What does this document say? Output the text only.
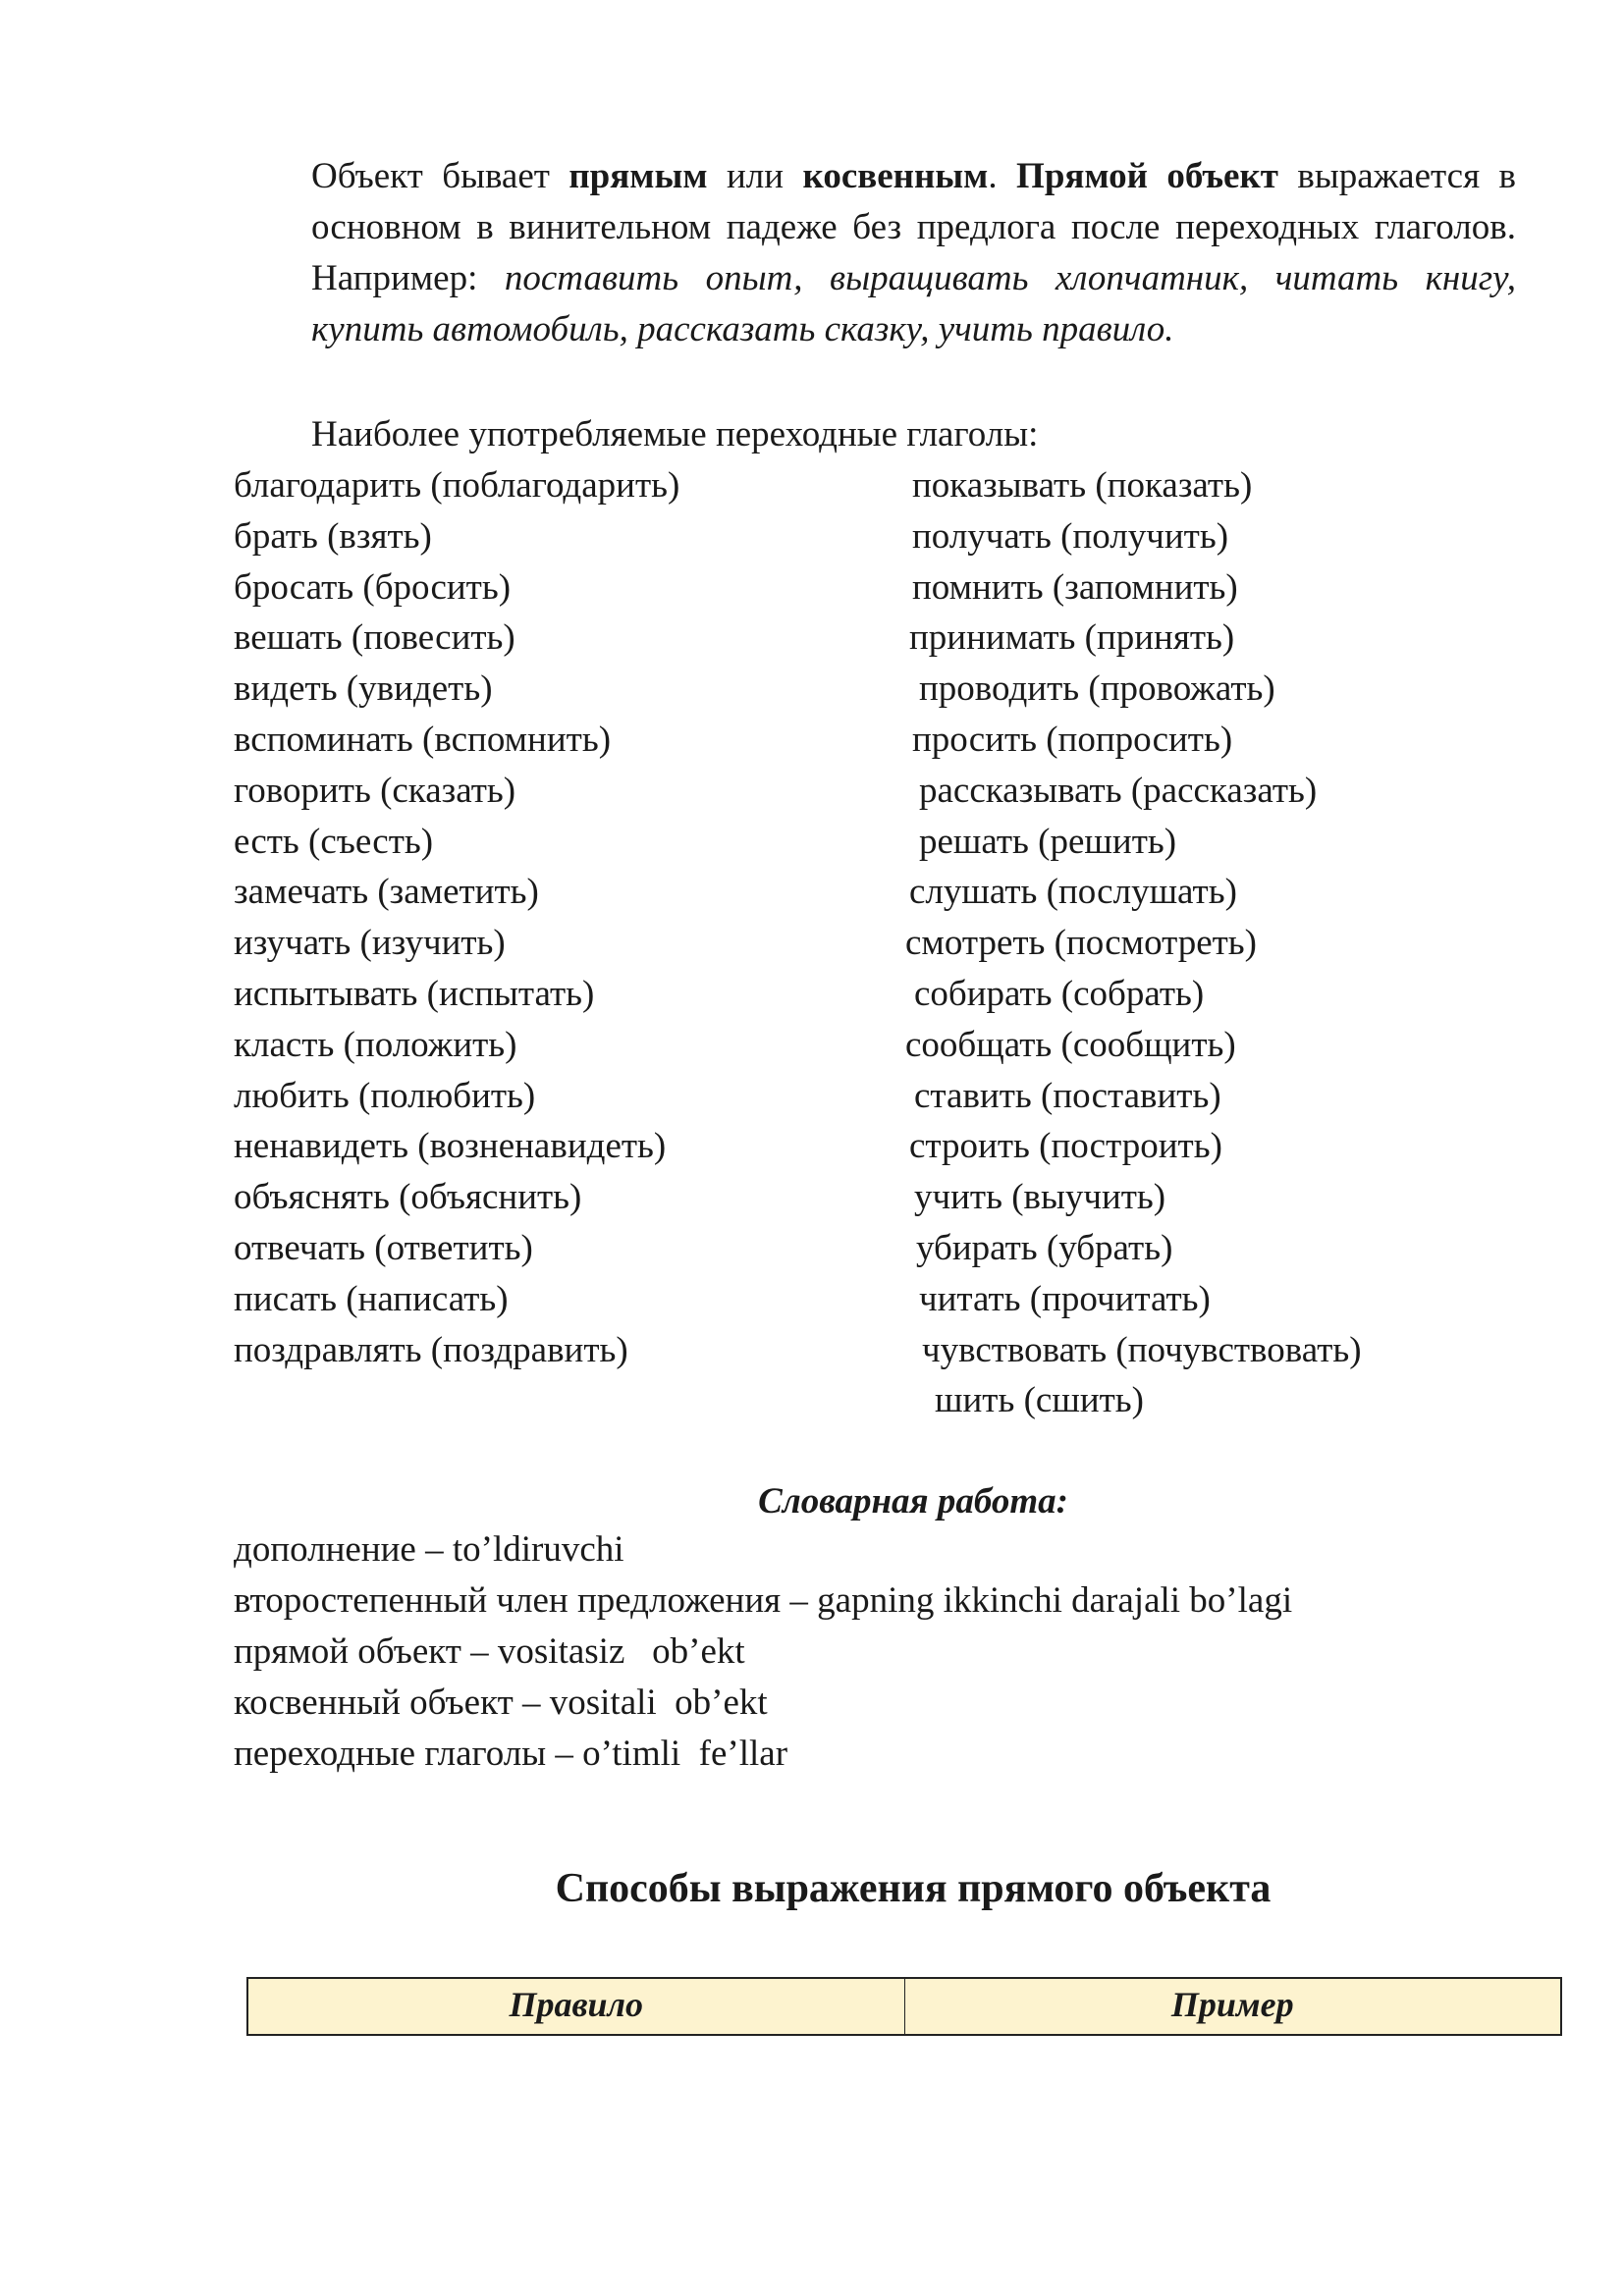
Объект бывает прямым или косвенным. Прямой объект выражается в основном в винительном падеже без предлога после переходных глаголов. Например: поставить опыт, выращивать хлопчатник, читать книгу, купить автомобиль, рассказать сказку, учить правило.
Наиболее употребляемые переходные глаголы:
благодарить (поблагодарить)
брать (взять)
бросать (бросить)
вешать (повесить)
видеть (увидеть)
вспоминать (вспомнить)
говорить (сказать)
есть (съесть)
замечать (заметить)
изучать (изучить)
испытывать (испытать)
класть (положить)
любить (полюбить)
ненавидеть (возненавидеть)
объяснять (объяснить)
отвечать (ответить)
писать (написать)
поздравлять (поздравить)
показывать (показать)
получать (получить)
помнить (запомнить)
принимать (принять)
проводить (провожать)
просить (попросить)
рассказывать (рассказать)
решать (решить)
слушать (послушать)
смотреть (посмотреть)
собирать (собрать)
сообщать (сообщить)
ставить (поставить)
строить (построить)
учить (выучить)
убирать (убрать)
читать (прочитать)
чувствовать (почувствовать)
шить (сшить)
Словарная работа:
дополнение – to’ldiruvchi
второстепенный член предложения – gapning ikkinchi darajali bo’lagi
прямой объект – vositasiz   ob’ekt
косвенный объект – vositali  ob’ekt
переходные глаголы – o’timli  fe’llar
Способы выражения прямого объекта
Правило	Пример
